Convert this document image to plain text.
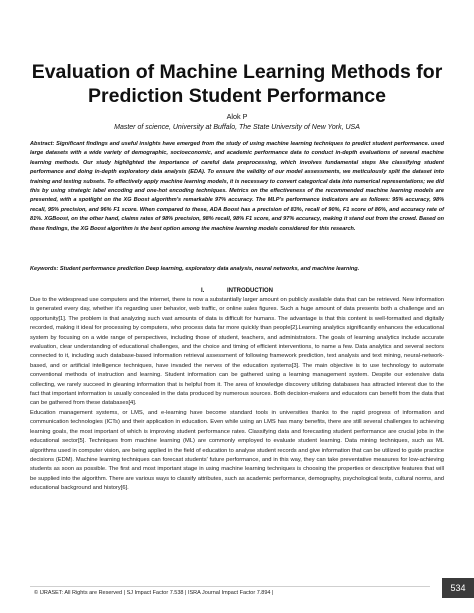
Evaluation of Machine Learning Methods for Prediction Student Performance
Alok P
Master of science, University at Buffalo, The State University of New York, USA

Abstract: Significant findings and useful insights have emerged from the study of using machine learning techniques to predict student performance. used large datasets with a wide variety of demographic, socioeconomic, and academic performance data to conduct in-depth evaluations of several machine learning methods. Our study highlighted the importance of careful data preprocessing, which involves fundamental steps like classifying student performance and doing in-depth exploratory data analysis (EDA). To ensure the validity of our model assessments, we meticulously split the dataset into training and testing subsets. To effectively apply machine learning models, it is necessary to convert categorical data into numerical representations; we did this by using strategic label encoding and one-hot encoding techniques. Metrics on the effectiveness of the recommended machine learning models are presented, with a spotlight on the XG Boost algorithm's remarkable 97% accuracy. The MLP's performance indicators are as follows: 95% accuracy, 98% recall, 95% precision, and 96% F1 score. When compared to these, ADA Boost has a precision of 83%, recall of 90%, F1 score of 86%, and accuracy rate of 81%. XGBoost, on the other hand, claims rates of 98% precision, 98% recall, 98% F1 score, and 97% accuracy, making it stand out from the crowd. Based on these findings, the XG Boost algorithm is the best option among the machine learning models considered for this research.

Keywords: Student performance prediction Deep learning, exploratory data analysis, neural networks, and machine learning.

I.	INTRODUCTION

Due to the widespread use computers and the internet, there is now a substantially larger amount on publicly available data that can be retrieved. New information is generated every day, whether it's regarding user behavior, web traffic, or online sales figures. Such a huge amount of data presents both a challenge and an opportunity[1]. The problem is that analyzing such vast amounts of data is difficult for humans. The advantage is that this content is well-formatted and digitally recorded, making it ideal for processing by computers, who process data far more quickly than people[2].Learning analytics significantly enhances the educational system by focusing on a wide range of perspectives, including those of student, teachers, and administrators. The goals of learning analytics include accurate evaluation, clear understanding of educational challenges, and the choice and timing of efficient interventions, to name a few. Data analytics and several sectors connected to it, including such database-based information retrieval assessment of following framework prediction, text analysis and text mining, neural-network-based, and or artificial intelligence techniques, have invaded the nerves of the education systems[3]. The main objective is to use technology to automate conventional methods of instruction and learning. Student information can be gathered using a learning management system. Despite our extensive data collecting, we rarely succeed in gleaning information that is helpful from it. The area of knowledge discovery utilizing databases has attracted interest due to the fact that important information is usually concealed in the data produced by numerous sources. Both decision-makers and educators can benefit from the data that can be gathered from these databases[4].

Education management systems, or LMS, and e-learning have become standard tools in universities thanks to the rapid progress of information and communication technologies (ICTs) and their application in education. Even while using an LMS has many benefits, there are still several challenges to achieving learning goals, the most important of which is improving student performance rates. Classifying data and forecasting student performance are crucial jobs in the educational sector[5]. Techniques from machine learning (ML) are commonly employed to evaluate student learning. Data mining techniques, such as ML algorithms used in computer vision, are being applied in the field of education to analyse student records and give information that can be utilized to guide practice decisions (EDM). Machine learning techniques can forecast students' future performance, and in this way, they can take preventative measures for low-achieving students as soon as possible. The first and most important stage in using machine learning techniques is choosing the properties or descriptive features that will be supplied into the algorithm. There are various ways to classify attributes, such as academic performance, demography, psychological tests, cultural norms, and educational background and history[6].

© IJRASET: All Rights are Reserved | SJ Impact Factor 7.538 | ISRA Journal Impact Factor 7.894 |	534
